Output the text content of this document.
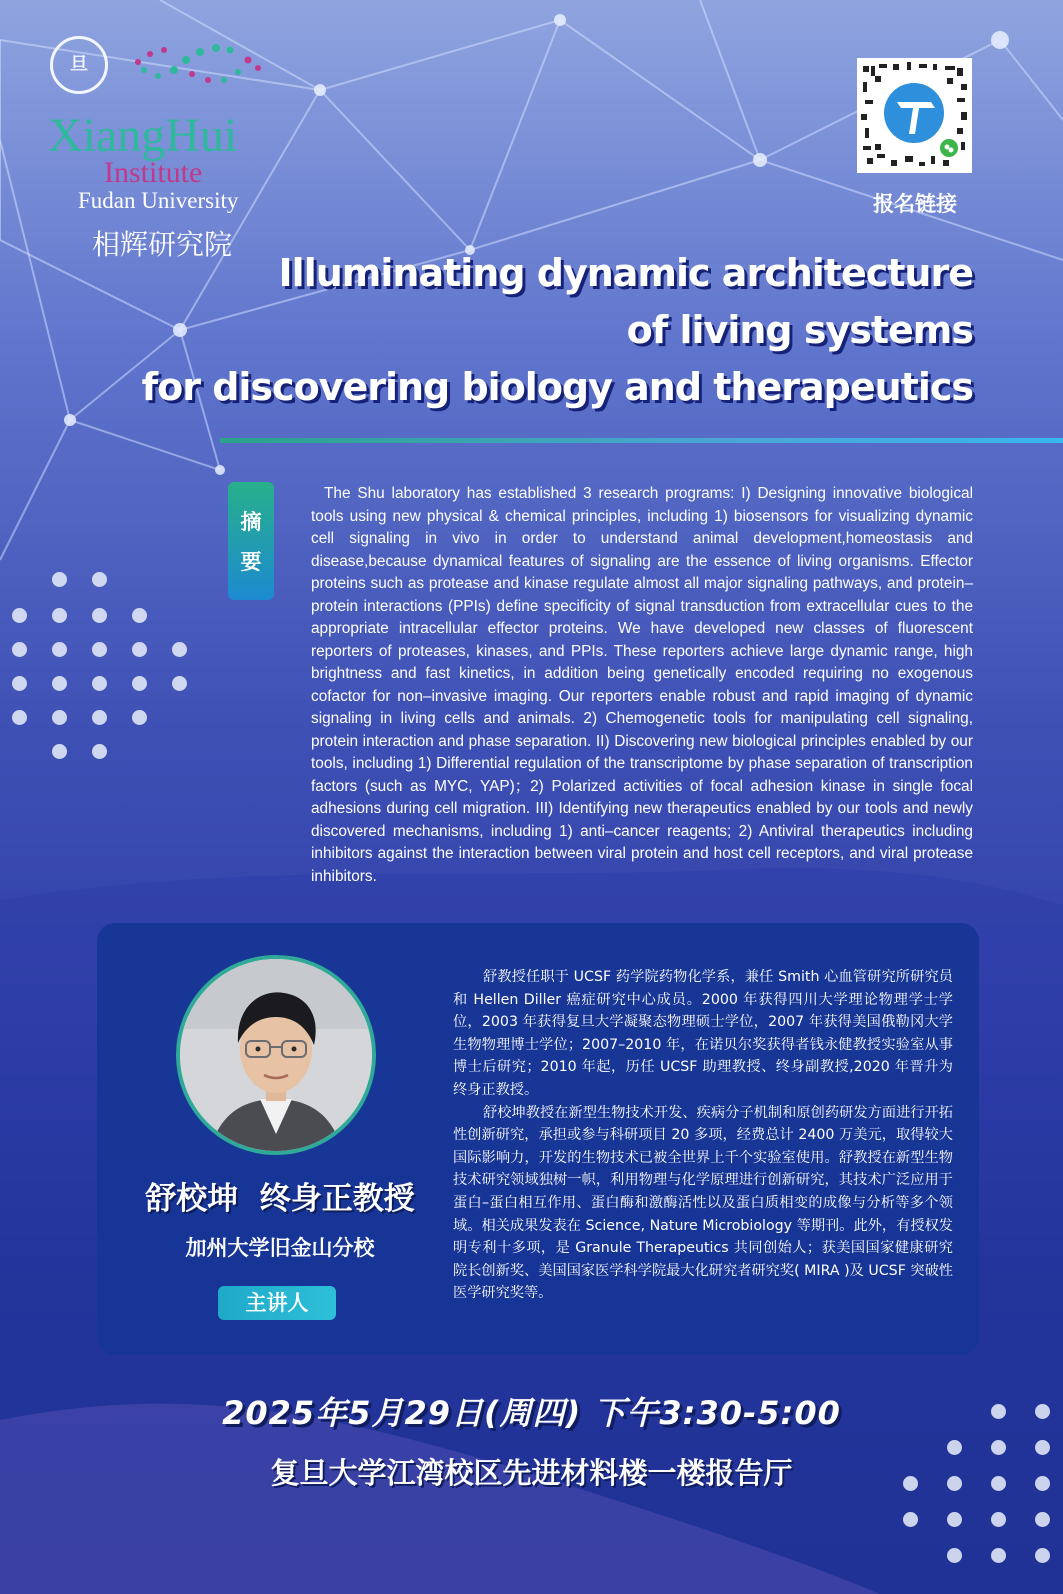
旦
XiangHui
Institute
Fudan University
相辉研究院
报名链接
Illuminating dynamic architecture
of living systems
for discovering biology and therapeutics
摘
要

The Shu laboratory has established 3 research programs: I) Designing innovative biological tools using new physical & chemical principles, including 1) biosensors for visualizing dynamic cell signaling in vivo in order to understand animal development,homeostasis and disease,because dynamical features of signaling are the essence of living organisms. Effector proteins such as protease and kinase regulate almost all major signaling pathways, and protein–protein interactions (PPIs) define specificity of signal transduction from extracellular cues to the appropriate intracellular effector proteins. We have developed new classes of fluorescent reporters of proteases, kinases, and PPIs. These reporters achieve large dynamic range, high brightness and fast kinetics, in addition being genetically encoded requiring no exogenous cofactor for non–invasive imaging. Our reporters enable robust and rapid imaging of dynamic signaling in living cells and animals. 2) Chemogenetic tools for manipulating cell signaling, protein interaction and phase separation. II) Discovering new biological principles enabled by our tools, including 1) Differential regulation of the transcriptome by phase separation of transcription factors (such as MYC, YAP)；2) Polarized activities of focal adhesion kinase in single focal adhesions during cell migration. III) Identifying new therapeutics enabled by our tools and newly discovered mechanisms, including 1) anti–cancer reagents; 2) Antiviral therapeutics including inhibitors against the interaction between viral protein and host cell receptors, and viral protease inhibitors.

舒校坤  终身正教授
加州大学旧金山分校
主讲人

舒教授任职于 UCSF 药学院药物化学系，兼任 Smith 心血管研究所研究员和 Hellen Diller 癌症研究中心成员。2000 年获得四川大学理论物理学士学位，2003 年获得复旦大学凝聚态物理硕士学位，2007 年获得美国俄勒冈大学生物物理博士学位；2007–2010 年，在诺贝尔奖获得者钱永健教授实验室从事博士后研究；2010 年起，历任 UCSF 助理教授、终身副教授,2020 年晋升为终身正教授。

舒校坤教授在新型生物技术开发、疾病分子机制和原创药研发方面进行开拓性创新研究，承担或参与科研项目 20 多项，经费总计 2400 万美元，取得较大国际影响力，开发的生物技术已被全世界上千个实验室使用。舒教授在新型生物技术研究领域独树一帜，利用物理与化学原理进行创新研究，其技术广泛应用于蛋白–蛋白相互作用、蛋白酶和激酶活性以及蛋白质相变的成像与分析等多个领域。相关成果发表在 Science, Nature Microbiology 等期刊。此外，有授权发明专利十多项，是 Granule Therapeutics 共同创始人；获美国国家健康研究院长创新奖、美国国家医学科学院最大化研究者研究奖( MIRA )及 UCSF 突破性医学研究奖等。

2025年5月29日(周四) 下午3:30-5:00
复旦大学江湾校区先进材料楼一楼报告厅
